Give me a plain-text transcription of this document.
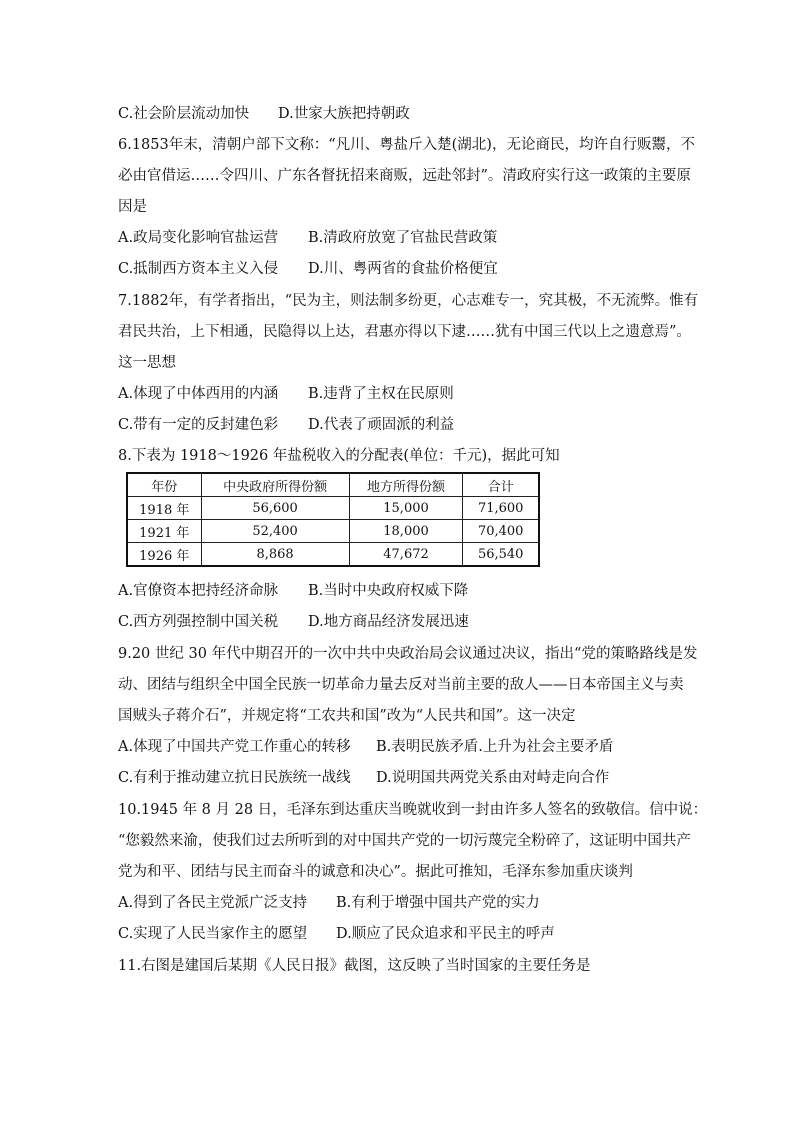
C.社会阶层流动加快 D.世家大族把持朝政
6.1853年末，清朝户部下文称：“凡川、粤盐斤入楚(湖北)，无论商民，均许自行贩鬻，不
必由官借运……令四川、广东各督抚招来商贩，远赴邻封”。清政府实行这一政策的主要原
因是
A.政局变化影响官盐运营 B.清政府放宽了官盐民营政策
C.抵制西方资本主义入侵 D.川、粤两省的食盐价格便宜
7.1882年，有学者指出，“民为主，则法制多纷更，心志难专一，究其极，不无流弊。惟有
君民共治，上下相通，民隐得以上达，君惠亦得以下逮……犹有中国三代以上之遗意焉”。
这一思想
A.体现了中体西用的内涵 B.违背了主权在民原则
C.带有一定的反封建色彩 D.代表了顽固派的利益
8.下表为 1918～1926 年盐税收入的分配表(单位：千元)，据此可知
年份	中央政府所得份额	地方所得份额	合计
1918 年	56,600	15,000	71,600
1921 年	52,400	18,000	70,400
1926 年	8,868	47,672	56,540
A.官僚资本把持经济命脉 B.当时中央政府权威下降
C.西方列强控制中国关税 D.地方商品经济发展迅速
9.20 世纪 30 年代中期召开的一次中共中央政治局会议通过决议，指出“党的策略路线是发
动、团结与组织全中国全民族一切革命力量去反对当前主要的敌人——日本帝国主义与卖
国贼头子蒋介石”，并规定将“工农共和国”改为“人民共和国”。这一决定
A.体现了中国共产党工作重心的转移 B.表明民族矛盾.上升为社会主要矛盾
C.有利于推动建立抗日民族统一战线 D.说明国共两党关系由对峙走向合作
10.1945 年 8 月 28 日，毛泽东到达重庆当晚就收到一封由许多人签名的致敬信。信中说：
“您毅然来渝，使我们过去所听到的对中国共产党的一切污蔑完全粉碎了，这证明中国共产
党为和平、团结与民主而奋斗的诚意和决心”。据此可推知，毛泽东参加重庆谈判
A.得到了各民主党派广泛支持 B.有利于增强中国共产党的实力
C.实现了人民当家作主的愿望 D.顺应了民众追求和平民主的呼声
11.右图是建国后某期《人民日报》截图，这反映了当时国家的主要任务是
